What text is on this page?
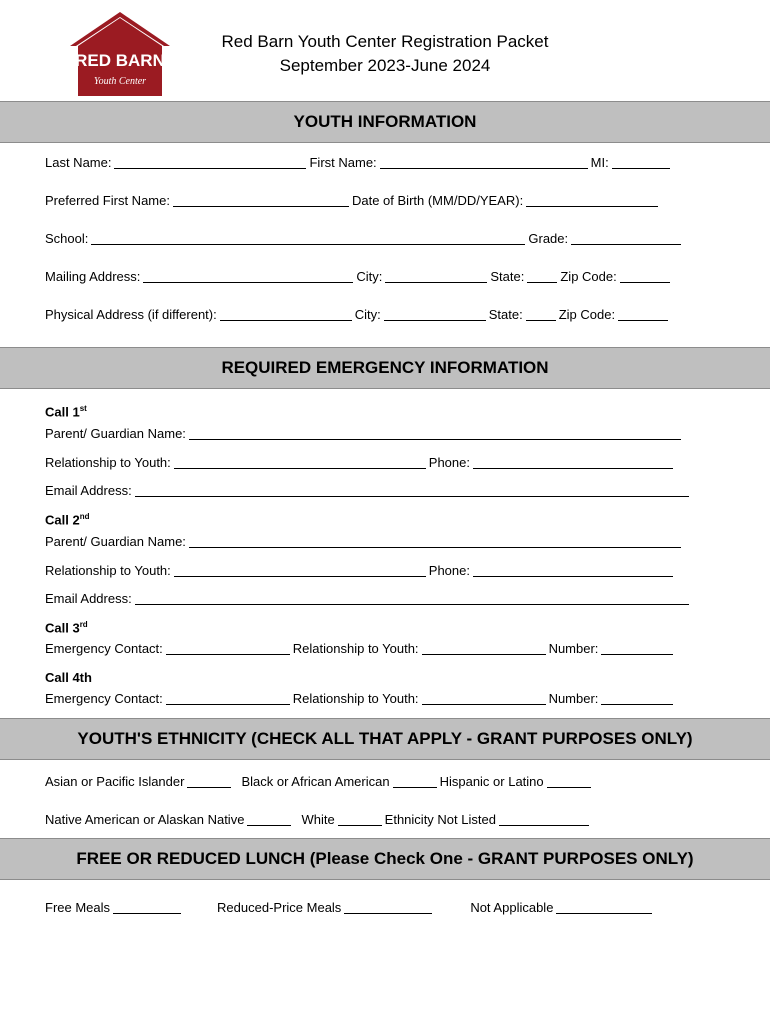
RED BARN
Youth Center
Red Barn Youth Center Registration Packet
September 2023-June 2024
YOUTH INFORMATION
Last Name:	First Name:	MI:
Preferred First Name:	Date of Birth (MM/DD/YEAR):
School:	Grade:
Mailing Address:	City:	State:	Zip Code:
Physical Address (if different):	City:	State:	Zip Code:
REQUIRED EMERGENCY INFORMATION
Call 1st
Parent/ Guardian Name:
Relationship to Youth:	Phone:
Email Address:
Call 2nd
Parent/ Guardian Name:
Relationship to Youth:	Phone:
Email Address:
Call 3rd
Emergency Contact:	Relationship to Youth:	Number:
Call 4th
Emergency Contact:	Relationship to Youth:	Number:
YOUTH'S ETHNICITY (CHECK ALL THAT APPLY - GRANT PURPOSES ONLY)
Asian or Pacific Islander	Black or African American	Hispanic or Latino
Native American or Alaskan Native	White	Ethnicity Not Listed
FREE OR REDUCED LUNCH (Please Check One - GRANT PURPOSES ONLY)
Free Meals	Reduced-Price Meals	Not Applicable
